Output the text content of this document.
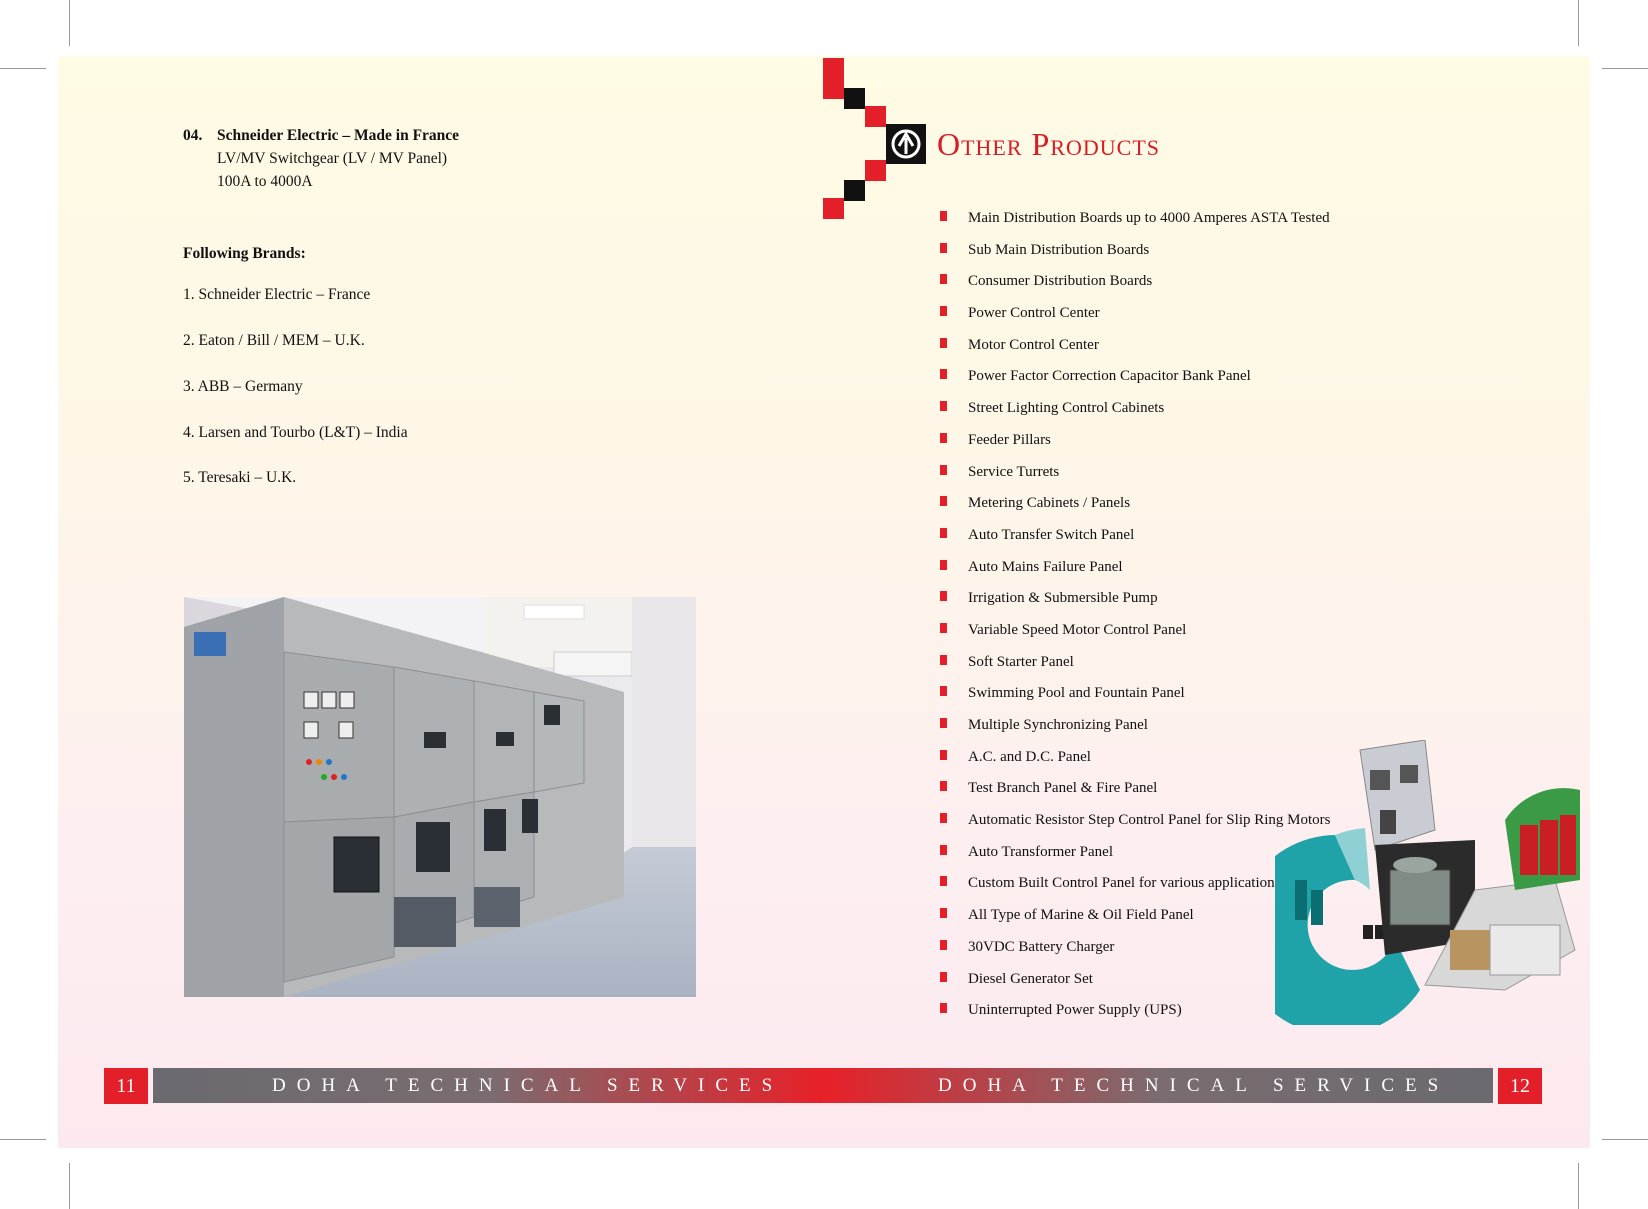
04. Schneider Electric – Made in France
LV/MV Switchgear (LV / MV Panel)
100A to 4000A
Following Brands:
1. Schneider Electric – France
2. Eaton / Bill / MEM – U.K.
3. ABB – Germany
4. Larsen and Tourbo (L&T) – India
5. Teresaki – U.K.
Other Products
Main Distribution Boards up to 4000 Amperes ASTA Tested
Sub Main Distribution Boards
Consumer Distribution Boards
Power Control Center
Motor Control Center
Power Factor Correction Capacitor Bank Panel
Street Lighting Control Cabinets
Feeder Pillars
Service Turrets
Metering Cabinets / Panels
Auto Transfer Switch Panel
Auto Mains Failure Panel
Irrigation & Submersible Pump
Variable Speed Motor Control Panel
Soft Starter Panel
Swimming Pool and Fountain Panel
Multiple Synchronizing Panel
A.C. and D.C. Panel
Test Branch Panel & Fire Panel
Automatic Resistor Step Control Panel for Slip Ring Motors
Auto Transformer Panel
Custom Built Control Panel for various application
All Type of Marine & Oil Field Panel
30VDC Battery Charger
Diesel Generator Set
Uninterrupted Power Supply (UPS)
11	12
DOHA TECHNICAL SERVICES	DOHA TECHNICAL SERVICES
